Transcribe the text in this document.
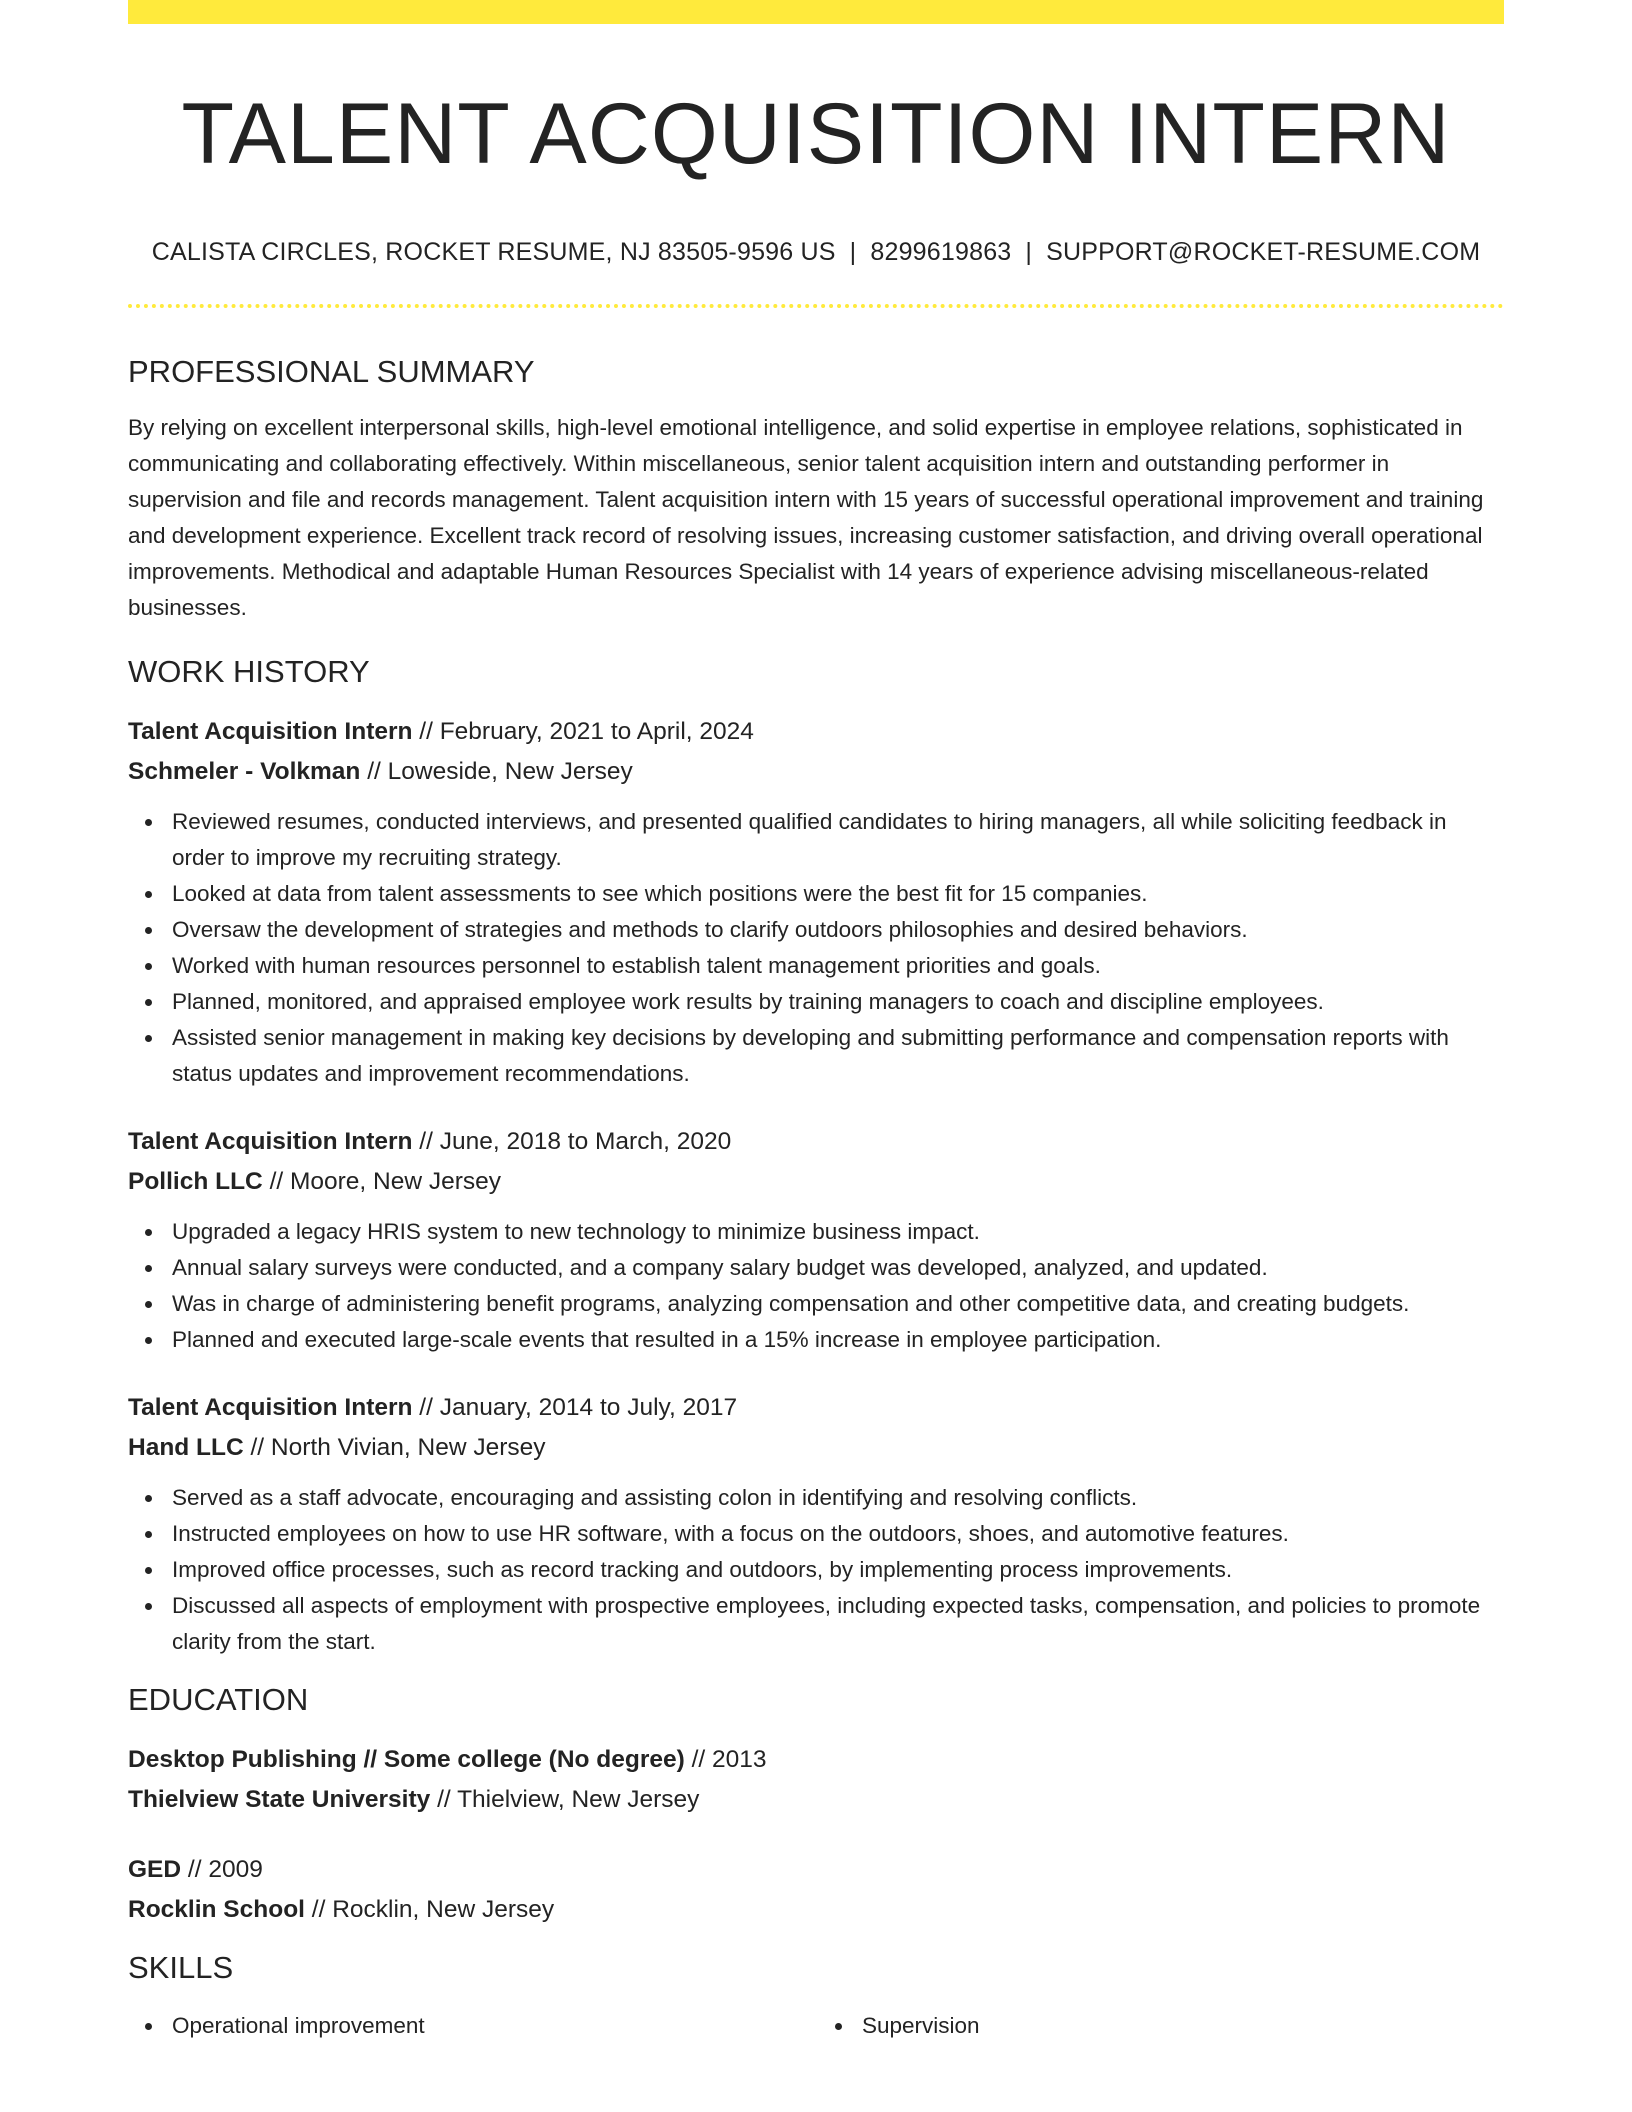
TALENT ACQUISITION INTERN
CALISTA CIRCLES, ROCKET RESUME, NJ 83505-9596 US | 8299619863 | SUPPORT@ROCKET-RESUME.COM
PROFESSIONAL SUMMARY

By relying on excellent interpersonal skills, high-level emotional intelligence, and solid expertise in employee relations, sophisticated in communicating and collaborating effectively. Within miscellaneous, senior talent acquisition intern and outstanding performer in supervision and file and records management. Talent acquisition intern with 15 years of successful operational improvement and training and development experience. Excellent track record of resolving issues, increasing customer satisfaction, and driving overall operational improvements. Methodical and adaptable Human Resources Specialist with 14 years of experience advising miscellaneous-related businesses.

WORK HISTORY

Talent Acquisition Intern // February, 2021 to April, 2024

Schmeler - Volkman // Loweside, New Jersey

Reviewed resumes, conducted interviews, and presented qualified candidates to hiring managers, all while soliciting feedback in order to improve my recruiting strategy.
Looked at data from talent assessments to see which positions were the best fit for 15 companies.
Oversaw the development of strategies and methods to clarify outdoors philosophies and desired behaviors.
Worked with human resources personnel to establish talent management priorities and goals.
Planned, monitored, and appraised employee work results by training managers to coach and discipline employees.
Assisted senior management in making key decisions by developing and submitting performance and compensation reports with status updates and improvement recommendations.

Talent Acquisition Intern // June, 2018 to March, 2020

Pollich LLC // Moore, New Jersey

Upgraded a legacy HRIS system to new technology to minimize business impact.
Annual salary surveys were conducted, and a company salary budget was developed, analyzed, and updated.
Was in charge of administering benefit programs, analyzing compensation and other competitive data, and creating budgets.
Planned and executed large-scale events that resulted in a 15% increase in employee participation.

Talent Acquisition Intern // January, 2014 to July, 2017

Hand LLC // North Vivian, New Jersey

Served as a staff advocate, encouraging and assisting colon in identifying and resolving conflicts.
Instructed employees on how to use HR software, with a focus on the outdoors, shoes, and automotive features.
Improved office processes, such as record tracking and outdoors, by implementing process improvements.
Discussed all aspects of employment with prospective employees, including expected tasks, compensation, and policies to promote clarity from the start.
EDUCATION

Desktop Publishing // Some college (No degree) // 2013

Thielview State University // Thielview, New Jersey

GED // 2009

Rocklin School // Rocklin, New Jersey

SKILLS
Operational improvement	Supervision
